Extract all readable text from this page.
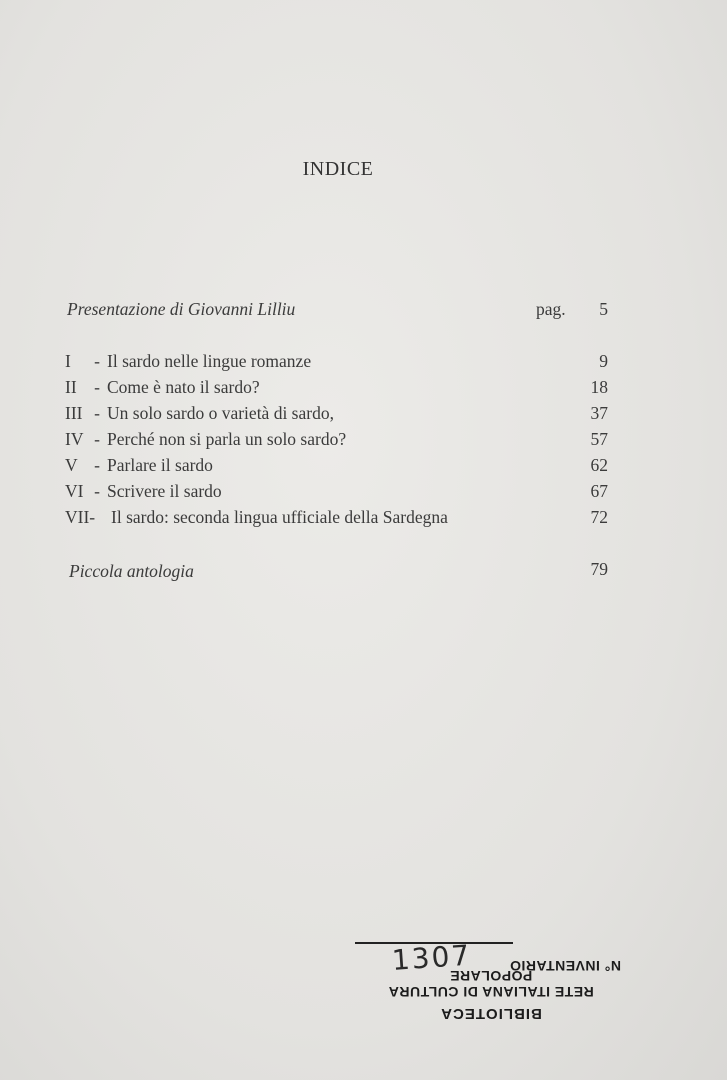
INDICE
Presentazione di Giovanni Lilliu	pag.	5
I - Il sardo nelle lingue romanze	9
II - Come è nato il sardo?	18
III - Un solo sardo o varietà di sardo,	37
IV - Perché non si parla un solo sardo?	57
V - Parlare il sardo	62
VI - Scrivere il sardo	67
VII- Il sardo: seconda lingua ufficiale della Sardegna	72
Piccola antologia	79
BIBLIOTECA
RETE ITALIANA DI CULTURA POPOLARE
N° INVENTARIO
1307
